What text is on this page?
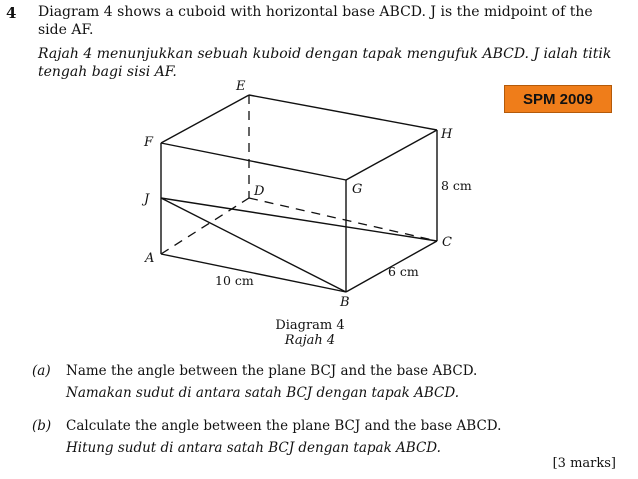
4 Diagram 4 shows a cuboid with horizontal base ABCD. J is the midpoint of the
side AF.
Rajah 4 menunjukkan sebuah kuboid dengan tapak mengufuk ABCD. J ialah titik
tengah bagi sisi AF.
SPM 2009
E
F
J
A
D	G
H
C
B
8 cm
10 cm
6 cm
Diagram 4
Rajah 4
(a) Name the angle between the plane BCJ and the base ABCD.
Namakan sudut di antara satah BCJ dengan tapak ABCD.
(b) Calculate the angle between the plane BCJ and the base ABCD.
Hitung sudut di antara satah BCJ dengan tapak ABCD.
[3 marks]
